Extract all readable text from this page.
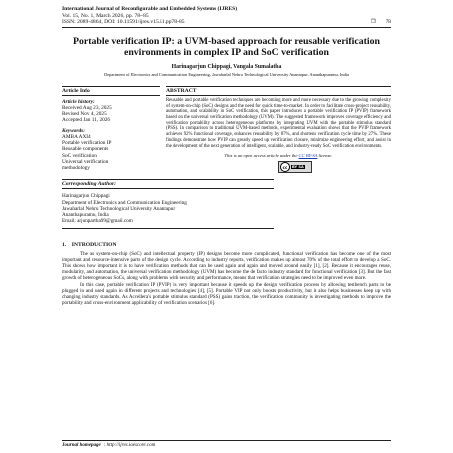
International Journal of Reconfigurable and Embedded Systems (IJRES)
Vol. 15, No. 1, March 2026, pp. 78~85
ISSN: 2089-4864, DOI: 10.11591/ijres.v15.i1.pp78-85	❐ 78
Portable verification IP: a UVM-based approach for reusable verification environments in complex IP and SoC verification
Harinagarjun Chippagi, Vangala Sumalatha
Department of Electronics and Communication Engineering, Jawaharlal Nehru Technological University Anantapur, Ananthapuramu, India
Article Info
Article history:
Received Aug 23, 2025
Revised Nov 4, 2025
Accepted Jan 11, 2026
Keywords:
AMBA AXI4
Portable verification IP
Reusable components
SoC verification
Universal verification
methodology
ABSTRACT
Reusable and portable verification techniques are becoming more and more necessary due to the growing complexity of system-on-chip (SoC) designs and the need for quick time-to-market. In order to facilitate cross-project reusability, automation, and scalability in SoC verification, this paper introduces a portable verification IP (PVIP) framework based on the universal verification methodology (UVM). The suggested framework improves coverage efficiency and verification portability across heterogeneous platforms by integrating UVM with the portable stimulus standard (PSS). In comparison to traditional UVM-based methods, experimental evaluation shows that the PVIP framework achieves 92% functional coverage, enhances reusability by 87%, and shortens verification cycle time by 27%. These findings demonstrate how PVIP can greatly speed up verification closure, minimize engineering effort, and assist in the development of the next generation of intelligent, scalable, and industry-ready SoC verification environments.
This is an open access article under the CC BY-SA license.
cc	BY SA
Corresponding Author:
Harinagarjun Chippagi
Department of Electronics and Communication Engineering
Jawaharlal Nehru Technological University Anantapur
Ananthapuramu, India
Email: arjunpartha99@gmail.com
1.    INTRODUCTION

The as system-on-chip (SoC) and intellectual property (IP) designs become more complicated, functional verification has become one of the most important and resource-intensive parts of the design cycle. According to industry reports, verification makes up almost 70% of the total effort to develop a SoC. This shows how important it is to have verification methods that can be used again and again and moved around easily [1], [2]. Because it encourages reuse, modularity, and automation, the universal verification methodology (UVM) has become the de facto industry standard for functional verification [3]. But the fast growth of heterogeneous SoCs, along with problems with security and performance, means that verification strategies need to be improved even more.

In this case, portable verification IP (PVIP) is very important because it speeds up the design verification process by allowing testbench parts to be plugged in and used again in different projects and technologies [4], [5]. Portable VIP not only boosts productivity, but it also helps businesses keep up with changing industry standards. As Accellera's portable stimulus standard (PSS) gains traction, the verification community is investigating methods to improve the portability and cross-environment applicability of verification scenarios [6].

Journal homepage : http://ijres.iaescore.com
